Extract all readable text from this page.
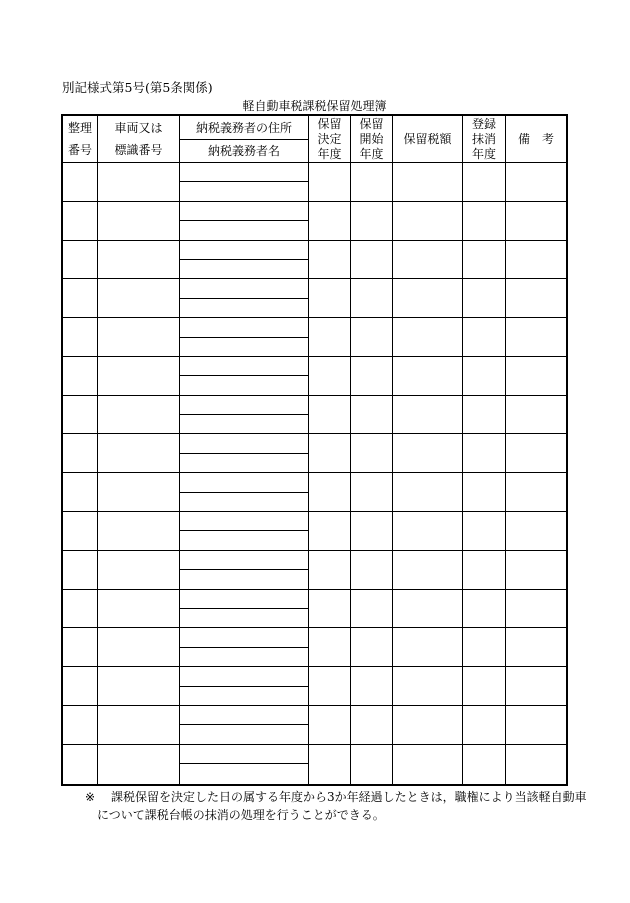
別記様式第5号(第5条関係)
軽自動車税課税保留処理簿
整理
番号
車両又は
標識番号
納税義務者の住所 保留
決定
年度
保留
開始
年度
保留税額
登録
抹消
年度
備　考
納税義務者名
※ 課税保留を決定した日の属する年度から3か年経過したときは，職権により当該軽自動車
について課税台帳の抹消の処理を行うことができる。
